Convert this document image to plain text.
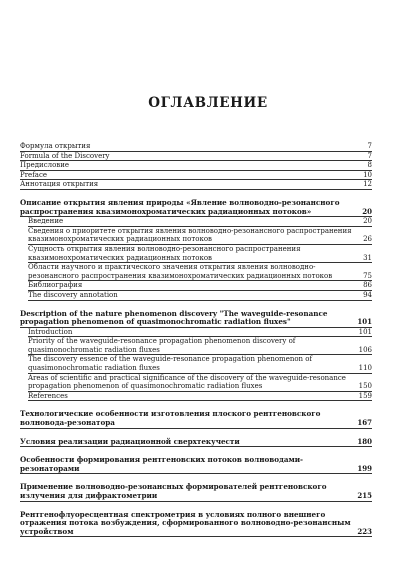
ОГЛАВЛЕНИЕ
Формула открытия	7
Formula of the Discovery	7
Предисловие	8
Preface	10
Аннотация открытия	12
Описание открытия явления природы «Явление волноводно-резонансного распространения квазимонохроматических радиационных потоков»	20
Введение	20
Сведения о приоритете открытия явления волноводно-резонансного распространения квазимонохроматических радиационных потоков	26
Сущность открытия явления волноводно-резонансного распространения квазимонохроматических радиационных потоков	31
Области научного и практического значения открытия явления волноводно-резонансного распространения квазимонохроматических радиационных потоков	75
Библиография	86
The discovery annotation	94
Description of the nature phenomenon discovery "The waveguide-resonance propagation phenomenon of quasimonochromatic radiation fluxes"	101
Introduction	101
Priority of the waveguide-resonance propagation phenomenon discovery of quasimonochromatic radiation fluxes	106
The discovery essence of the waveguide-resonance propagation phenomenon of quasimonochromatic radiation fluxes	110
Areas of scientific and practical significance of the discovery of the waveguide-resonance propagation phenomenon of quasimonochromatic radiation fluxes	150
References	159
Технологические особенности изготовления плоского рентгеновского волновода-резонатора	167
Условия реализации радиационной сверхтекучести	180
Особенности формирования рентгеновских потоков волноводами-резонаторами	199
Применение волноводно-резонансных формирователей рентгеновского излучения для дифрактометрии	215
Рентгенофлуоресцентная спектрометрия в условиях полного внешнего отражения потока возбуждения, сформированного волноводно-резонансным устройством	223
